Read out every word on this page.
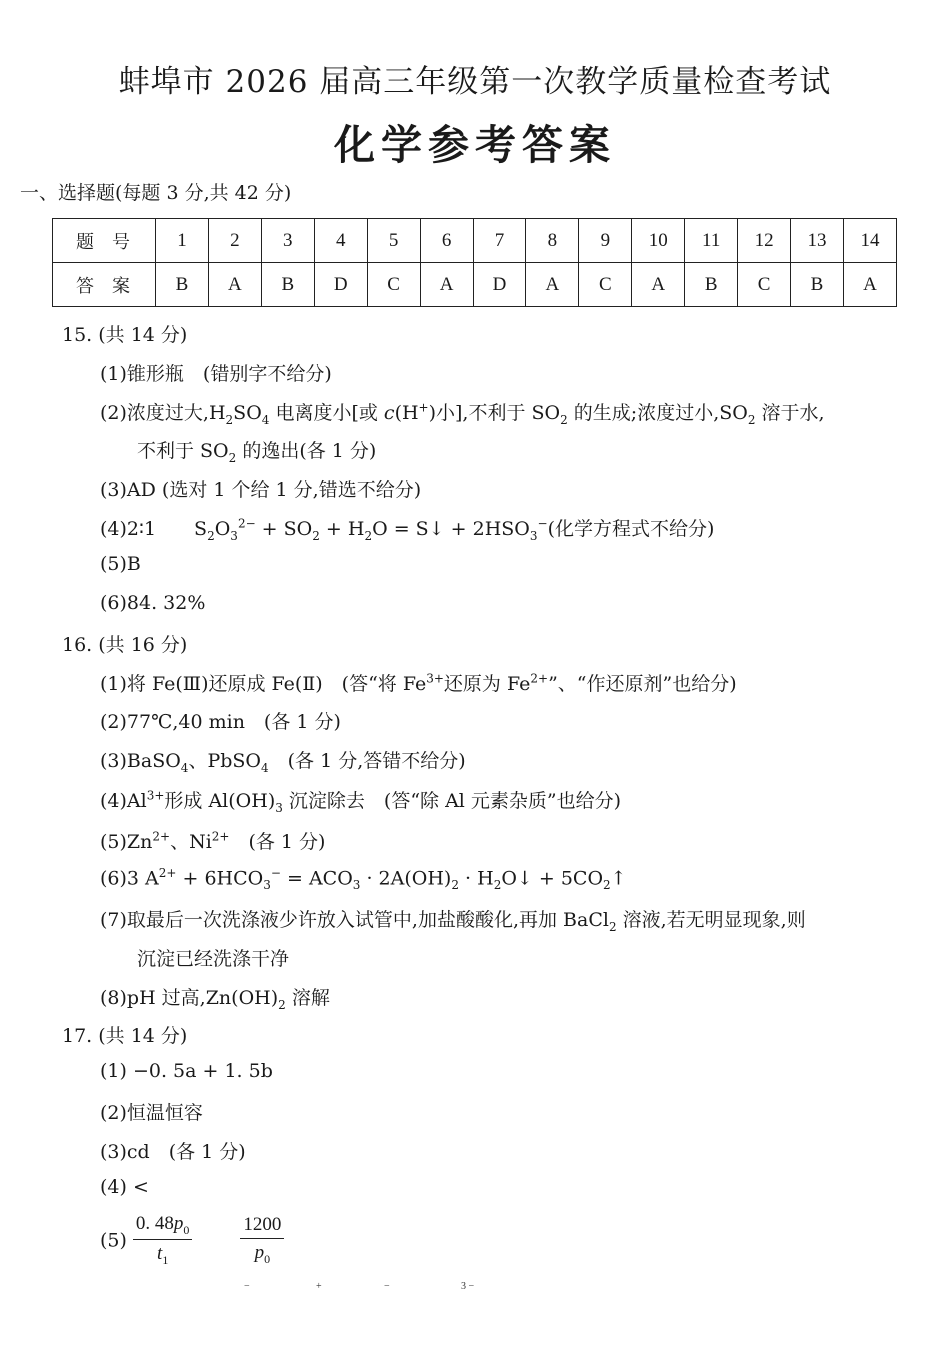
蚌埠市 2026 届高三年级第一次教学质量检查考试
化学参考答案

一、选择题(每题 3 分,共 42 分)

题号	1	2	3	4	5	6	7	8	9	10	11	12	13	14
答案	B	A	B	D	C	A	D	A	C	A	B	C	B	A

15. (共 14 分)

(1)锥形瓶　(错别字不给分)

(2)浓度过大$,H_2SO_4$ 电离度小[或 c(H+)小],不利于 $SO_2$ 的生成;浓度过小$,SO_2$ 溶于水,

不利于 $SO_2$ 的逸出(各 1 分)

(3)AD (选对 1 个给 1 分,错选不给分)

(4)2∶1 $S_2O_3^{2-} + SO_2 + H_2O$ = S↓ + $2HSO_3^-$(化学方程式不给分)

(5)B

(6)84. 32%

16. (共 16 分)

(1)将 Fe(Ⅲ)还原成 Fe(Ⅱ)　(答“将 $Fe^{3+}$还原为 $Fe^{2+}$”、“作还原剂”也给分)

(2)77℃,40 min　(各 1 分)

(3)BaSO$_4$、PbSO$_4$　(各 1 分,答错不给分)

$(4)Al^{3+}$形成 $Al(OH)_3$ 沉淀除去　(答“除 Al 元素杂质”也给分)

$(5)Zn^{2+}$、$Ni^{2+}$　(各 1 分)

(6)3 $A^{2+} + 6HCO_3^- = ACO_3 \cdot 2A(OH)_2$ · $H_2O↓$ + $5CO_2↑$

(7)取最后一次洗涤液少许放入试管中,加盐酸酸化,再加 BaCl$_2$ 溶液,若无明显现象,则

沉淀已经洗涤干净

(8)pH 过高$,Zn(OH)_2$ 溶解

17. (共 14 分)

(1) −0. 5a + 1. 5b

(2)恒温恒容

(3)cd　(各 1 分)

(4) <

$(5) \frac{0. 48p_0}{t_1}$	$\frac{1200}{p_0}$
−	+	−	3 −
